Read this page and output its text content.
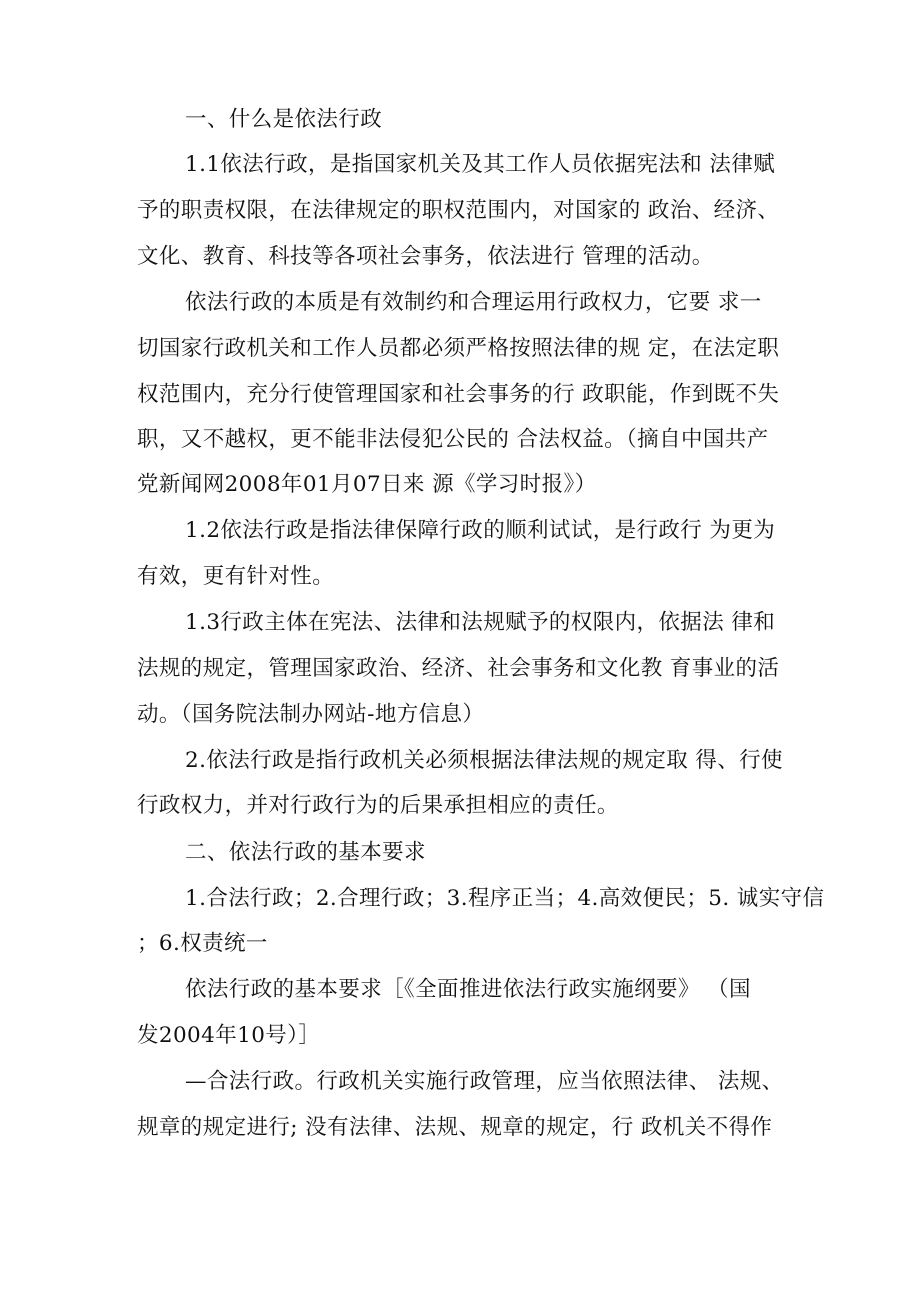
一、什么是依法行政
1.1依法行政，是指国家机关及其工作人员依据宪法和 法律赋
予的职责权限，在法律规定的职权范围内，对国家的 政治、经济、
文化、教育、科技等各项社会事务，依法进行 管理的活动。
依法行政的本质是有效制约和合理运用行政权力，它要 求一
切国家行政机关和工作人员都必须严格按照法律的规 定，在法定职
权范围内，充分行使管理国家和社会事务的行 政职能，作到既不失
职，又不越权，更不能非法侵犯公民的 合法权益。（摘自中国共产
党新闻网2008年01月07日来 源《学习时报》）
1.2依法行政是指法律保障行政的顺利试试，是行政行 为更为
有效，更有针对性。
1.3行政主体在宪法、法律和法规赋予的权限内，依据法 律和
法规的规定，管理国家政治、经济、社会事务和文化教 育事业的活
动。（国务院法制办网站-地方信息）
2.依法行政是指行政机关必须根据法律法规的规定取 得、行使
行政权力，并对行政行为的后果承担相应的责任。
二、依法行政的基本要求
1.合法行政；2.合理行政；3.程序正当；4.高效便民；5. 诚实守信
；6.权责统一
依法行政的基本要求［《全面推进依法行政实施纲要》 （国
发2004年10号）］
—合法行政。行政机关实施行政管理，应当依照法律、 法规、
规章的规定进行; 没有法律、法规、规章的规定，行 政机关不得作
